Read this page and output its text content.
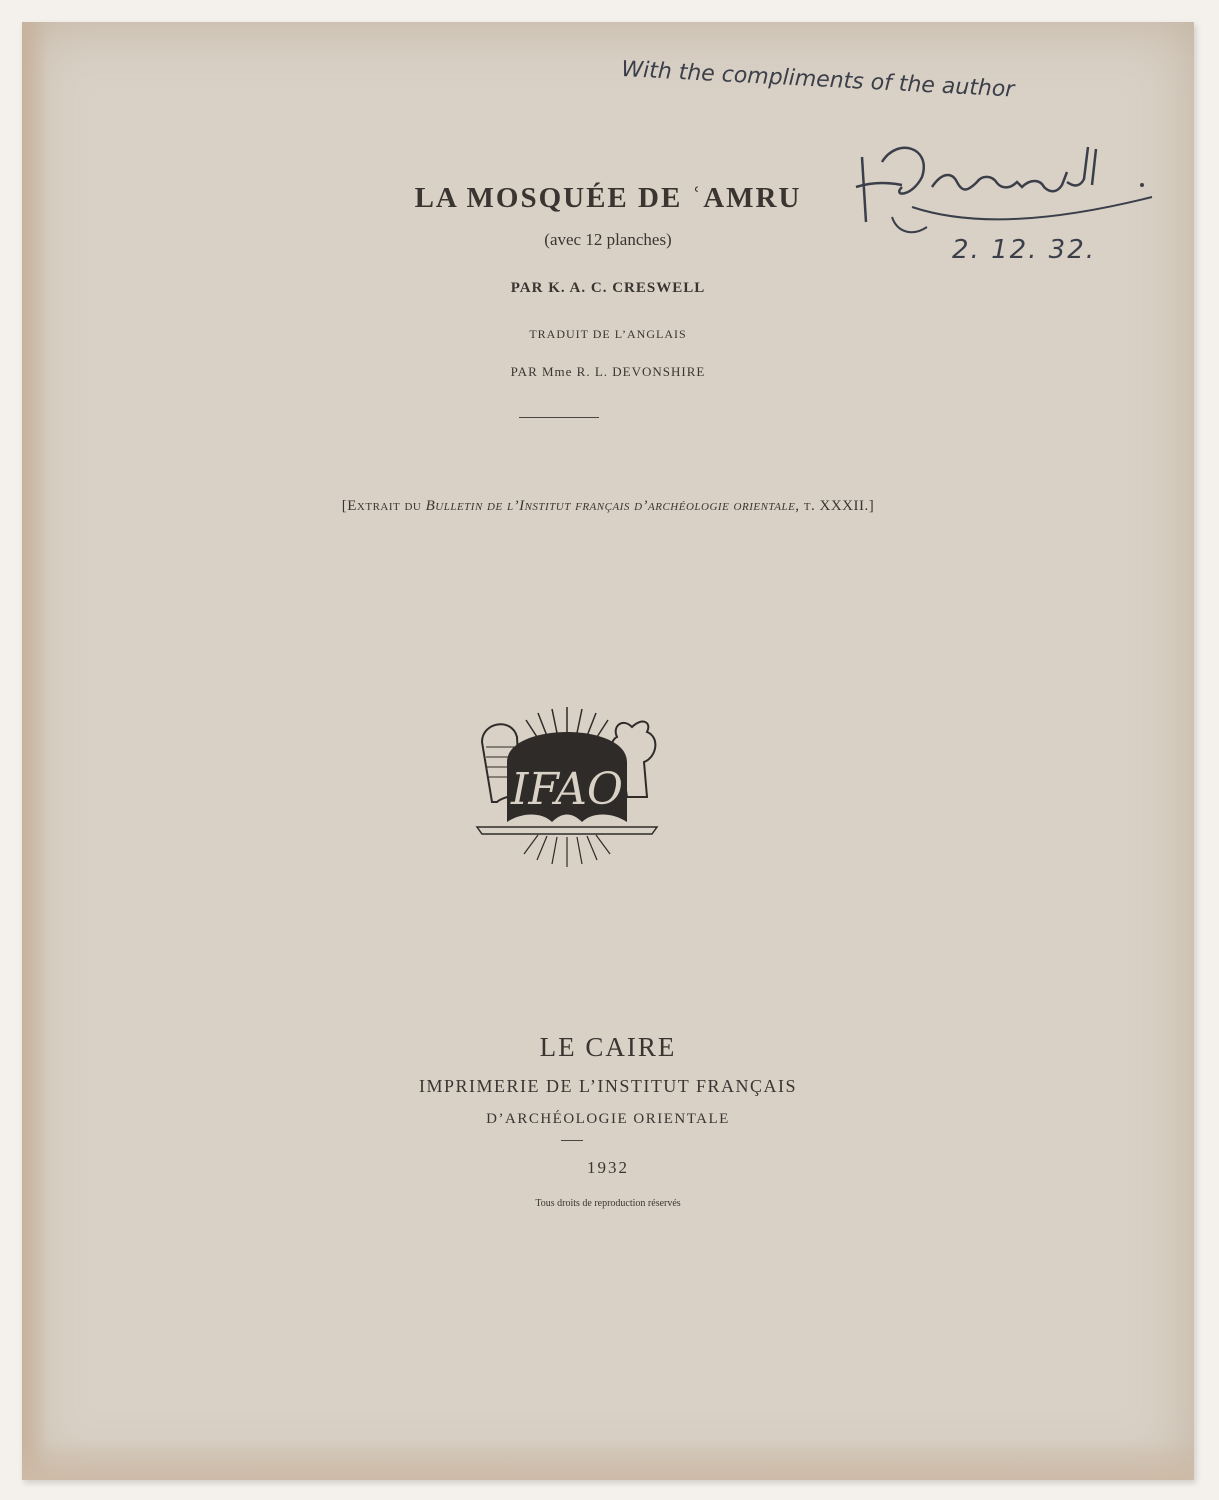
With the compliments of the author
2. 12. 32.
LA MOSQUÉE DE ʿAMRU
(avec 12 planches)
PAR K. A. C. CRESWELL
TRADUIT DE L’ANGLAIS
PAR Mme R. L. DEVONSHIRE
[Extrait du Bulletin de l’Institut français d’archéologie orientale, t. XXXII.]
IFAO
LE CAIRE
IMPRIMERIE DE L’INSTITUT FRANÇAIS
D’ARCHÉOLOGIE ORIENTALE
1932
Tous droits de reproduction réservés
